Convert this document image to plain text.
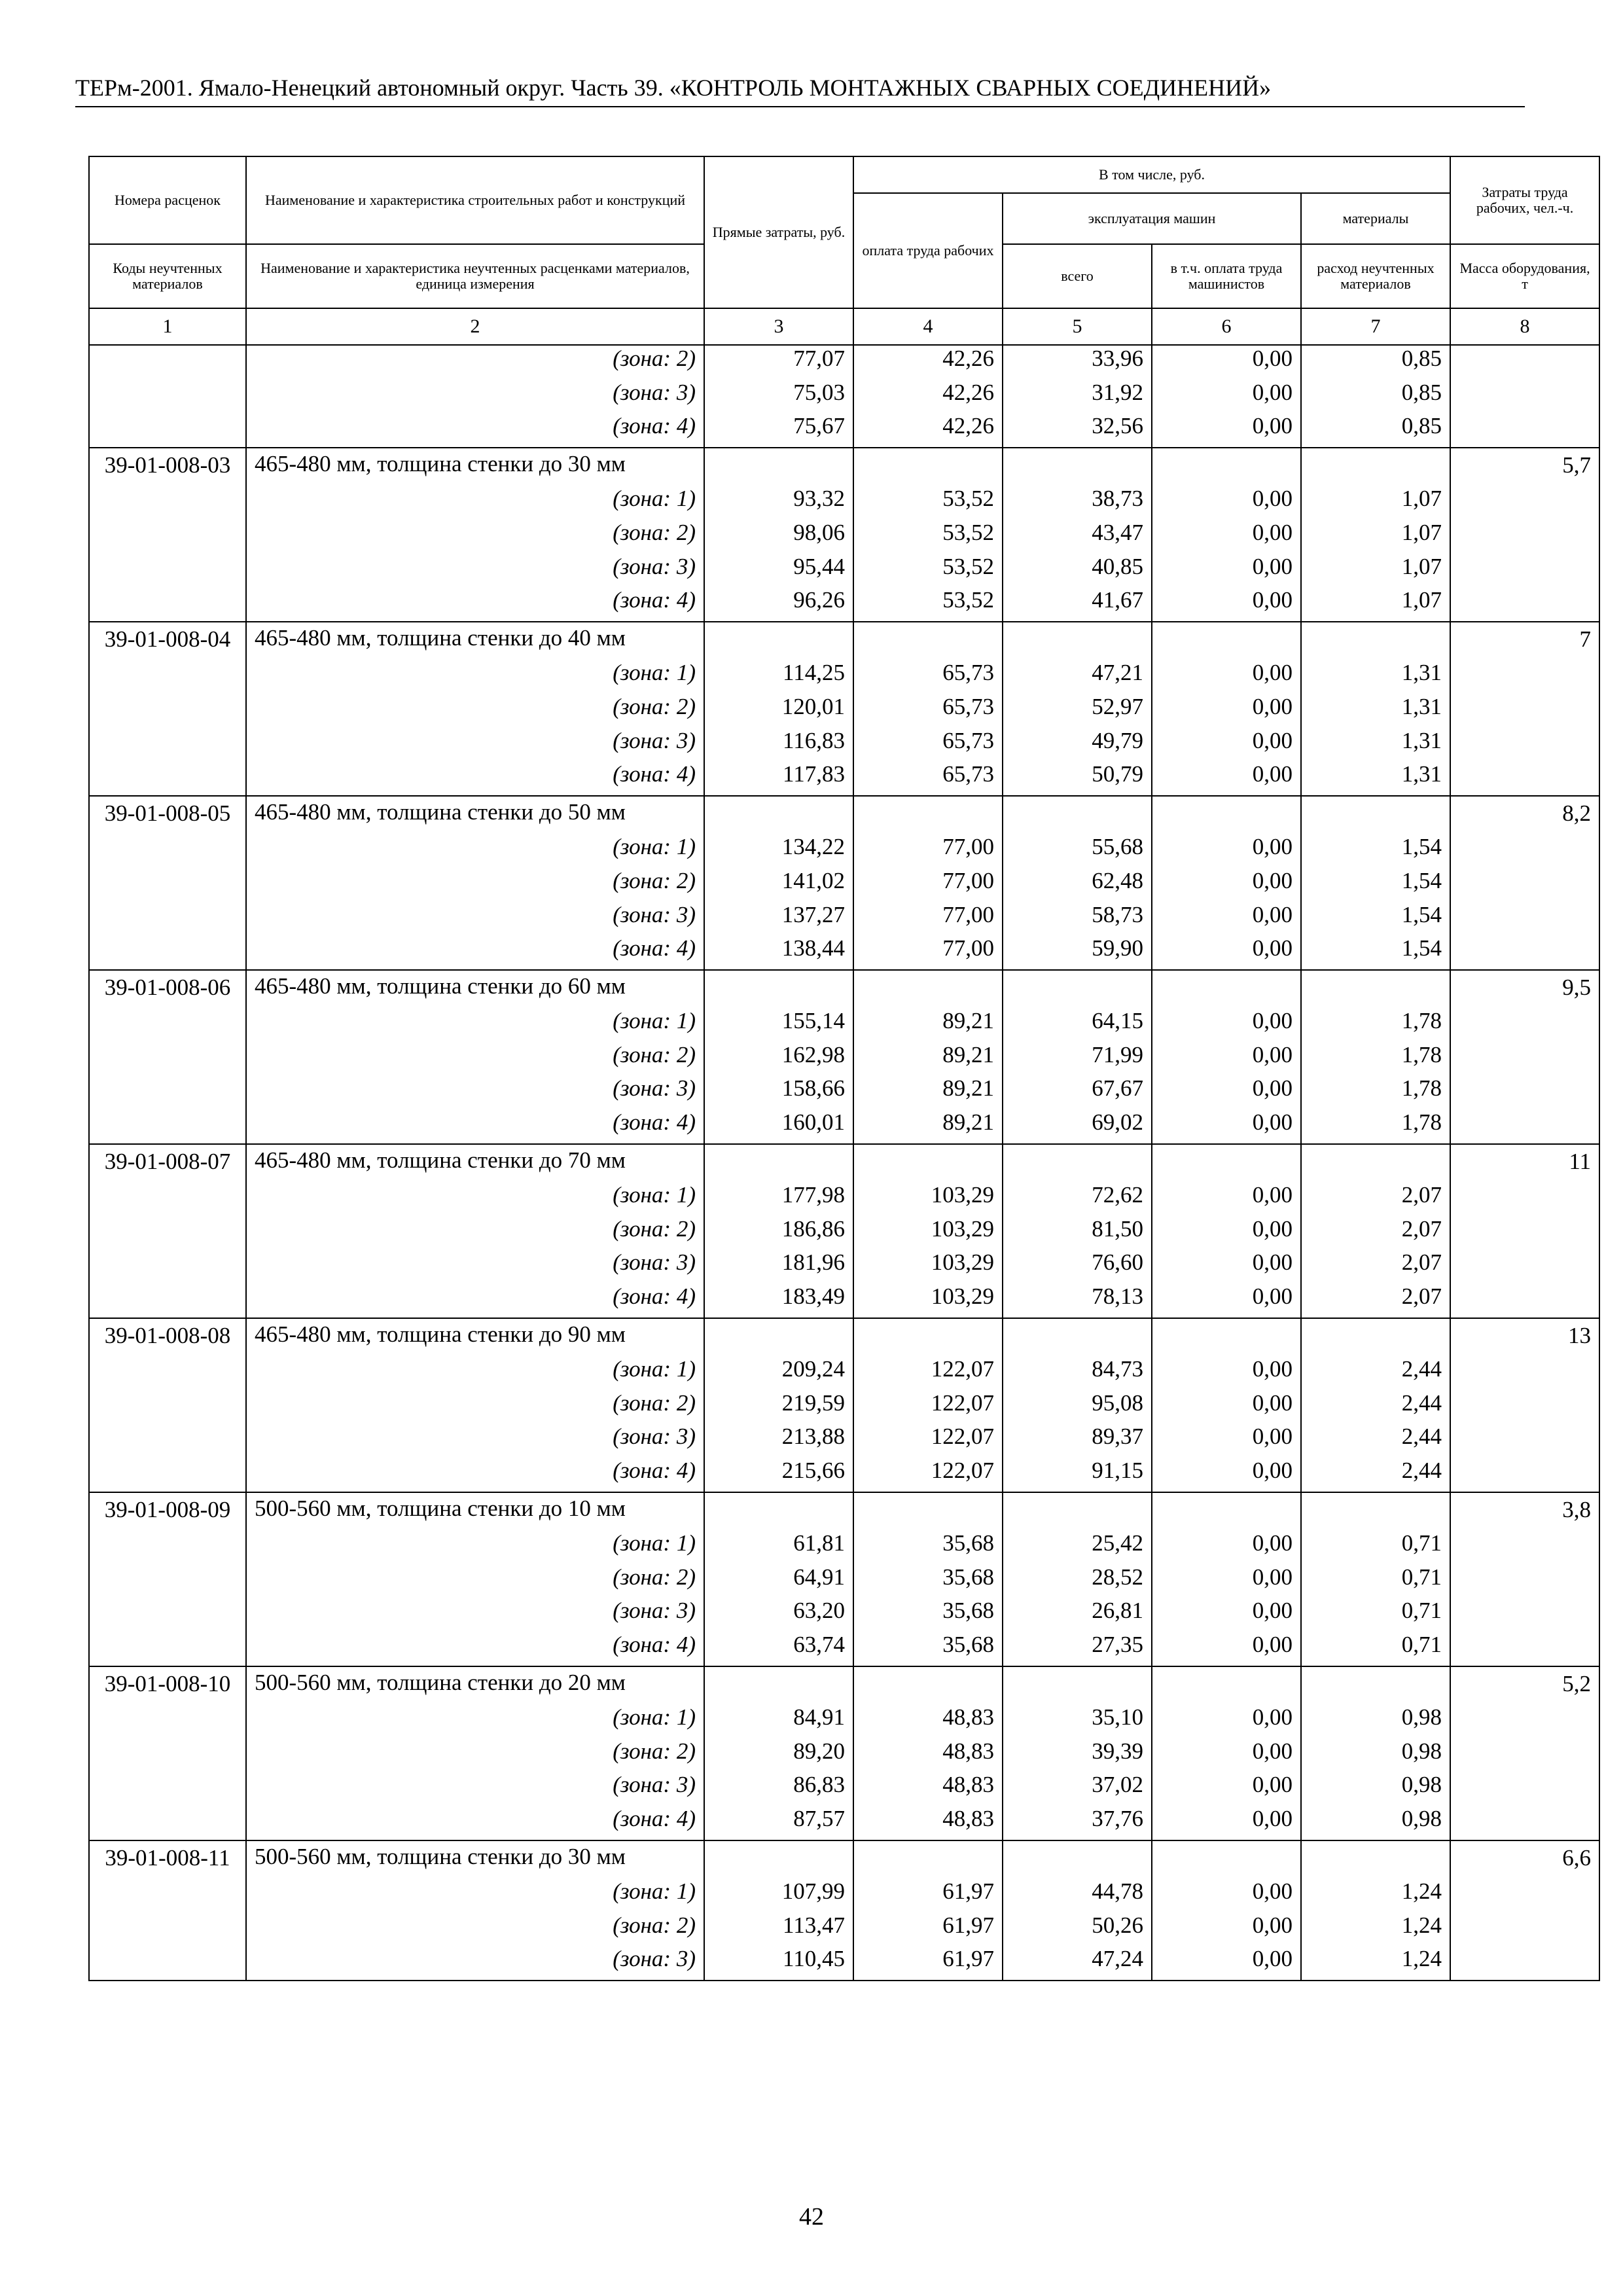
ТЕРм-2001. Ямало-Ненецкий автономный округ. Часть 39. «КОНТРОЛЬ МОНТАЖНЫХ СВАРНЫХ СОЕДИНЕНИЙ»
Номера расценок	Наименование и характеристика строительных работ и конструкций	Прямые затраты, руб.	В том числе, руб.				Затраты труда рабочих, чел.-ч.
			оплата труда рабочих	эксплуатация машин		материалы	
Коды неучтенных материалов	Наименование и характеристика неучтенных расценками материалов, единица измерения			всего	в т.ч. оплата труда машинистов	расход неучтенных материалов	Масса оборудования, т
1	2	3	4	5	6	7	8
	(зона: 2)	77,07	42,26	33,96	0,00	0,85	
	(зона: 3)	75,03	42,26	31,92	0,00	0,85	
	(зона: 4)	75,67	42,26	32,56	0,00	0,85	
39-01-008-03	465-480 мм, толщина стенки до 30 мм						5,7
	(зона: 1)	93,32	53,52	38,73	0,00	1,07	
	(зона: 2)	98,06	53,52	43,47	0,00	1,07	
	(зона: 3)	95,44	53,52	40,85	0,00	1,07	
	(зона: 4)	96,26	53,52	41,67	0,00	1,07	
39-01-008-04	465-480 мм, толщина стенки до 40 мм						7
	(зона: 1)	114,25	65,73	47,21	0,00	1,31	
	(зона: 2)	120,01	65,73	52,97	0,00	1,31	
	(зона: 3)	116,83	65,73	49,79	0,00	1,31	
	(зона: 4)	117,83	65,73	50,79	0,00	1,31	
39-01-008-05	465-480 мм, толщина стенки до 50 мм						8,2
	(зона: 1)	134,22	77,00	55,68	0,00	1,54	
	(зона: 2)	141,02	77,00	62,48	0,00	1,54	
	(зона: 3)	137,27	77,00	58,73	0,00	1,54	
	(зона: 4)	138,44	77,00	59,90	0,00	1,54	
39-01-008-06	465-480 мм, толщина стенки до 60 мм						9,5
	(зона: 1)	155,14	89,21	64,15	0,00	1,78	
	(зона: 2)	162,98	89,21	71,99	0,00	1,78	
	(зона: 3)	158,66	89,21	67,67	0,00	1,78	
	(зона: 4)	160,01	89,21	69,02	0,00	1,78	
39-01-008-07	465-480 мм, толщина стенки до 70 мм						11
	(зона: 1)	177,98	103,29	72,62	0,00	2,07	
	(зона: 2)	186,86	103,29	81,50	0,00	2,07	
	(зона: 3)	181,96	103,29	76,60	0,00	2,07	
	(зона: 4)	183,49	103,29	78,13	0,00	2,07	
39-01-008-08	465-480 мм, толщина стенки до 90 мм						13
	(зона: 1)	209,24	122,07	84,73	0,00	2,44	
	(зона: 2)	219,59	122,07	95,08	0,00	2,44	
	(зона: 3)	213,88	122,07	89,37	0,00	2,44	
	(зона: 4)	215,66	122,07	91,15	0,00	2,44	
39-01-008-09	500-560 мм, толщина стенки до 10 мм						3,8
	(зона: 1)	61,81	35,68	25,42	0,00	0,71	
	(зона: 2)	64,91	35,68	28,52	0,00	0,71	
	(зона: 3)	63,20	35,68	26,81	0,00	0,71	
	(зона: 4)	63,74	35,68	27,35	0,00	0,71	
39-01-008-10	500-560 мм, толщина стенки до 20 мм						5,2
	(зона: 1)	84,91	48,83	35,10	0,00	0,98	
	(зона: 2)	89,20	48,83	39,39	0,00	0,98	
	(зона: 3)	86,83	48,83	37,02	0,00	0,98	
	(зона: 4)	87,57	48,83	37,76	0,00	0,98	
39-01-008-11	500-560 мм, толщина стенки до 30 мм						6,6
	(зона: 1)	107,99	61,97	44,78	0,00	1,24	
	(зона: 2)	113,47	61,97	50,26	0,00	1,24	
	(зона: 3)	110,45	61,97	47,24	0,00	1,24	
42
